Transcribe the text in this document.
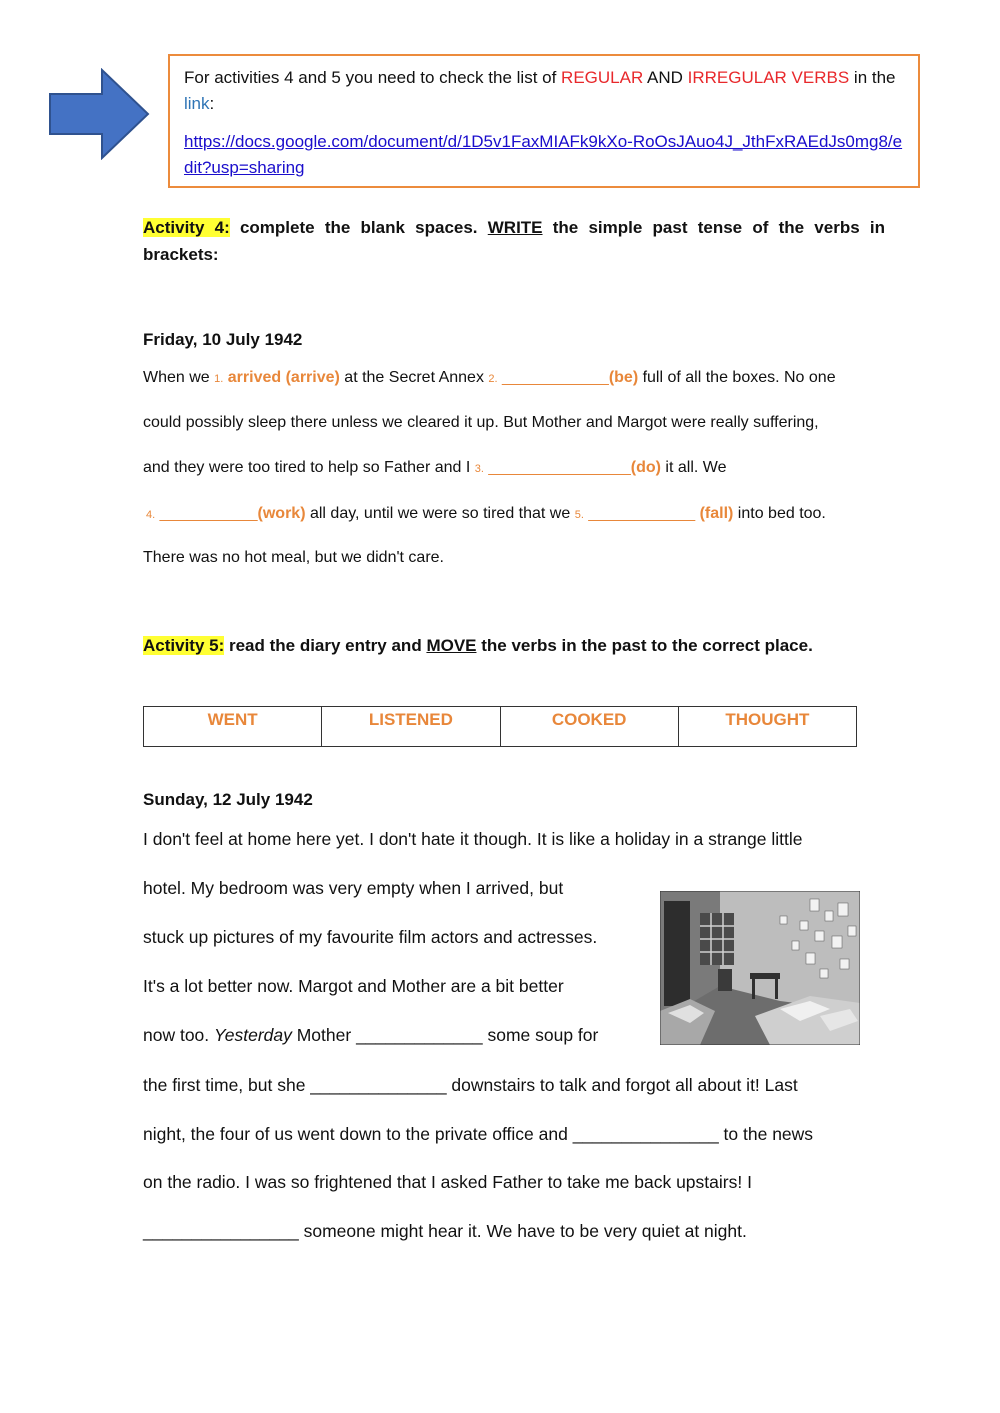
For activities 4 and 5 you need to check the list of REGULAR AND IRREGULAR VERBS in the link:
https://docs.google.com/document/d/1D5v1FaxMIAFk9kXo-RoOsJAuo4J_JthFxRAEdJs0mg8/edit?usp=sharing
Activity 4: complete the blank spaces. WRITE the simple past tense of the verbs in brackets:
Friday, 10 July 1942
When we 1. arrived (arrive) at the Secret Annex 2. ____________(be) full of all the boxes. No one
could possibly sleep there unless we cleared it up. But Mother and Margot were really suffering,
and they were too tired to help so Father and I 3. ________________(do) it all. We
4. ___________(work) all day, until we were so tired that we 5. ____________ (fall) into bed too.
There was no hot meal, but we didn't care.
Activity 5: read the diary entry and MOVE the verbs in the past to the correct place.
WENT	LISTENED	COOKED	THOUGHT
Sunday, 12 July 1942
I don't feel at home here yet. I don't hate it though. It is like a holiday in a strange little
hotel. My bedroom was very empty when I arrived, but
stuck up pictures of my favourite film actors and actresses.
It's a lot better now. Margot and Mother are a bit better
now too. Yesterday Mother _____________ some soup for
the first time, but she ______________ downstairs to talk and forgot all about it! Last
night, the four of us went down to the private office and _______________ to the news
on the radio. I was so frightened that I asked Father to take me back upstairs! I
________________ someone might hear it. We have to be very quiet at night.
